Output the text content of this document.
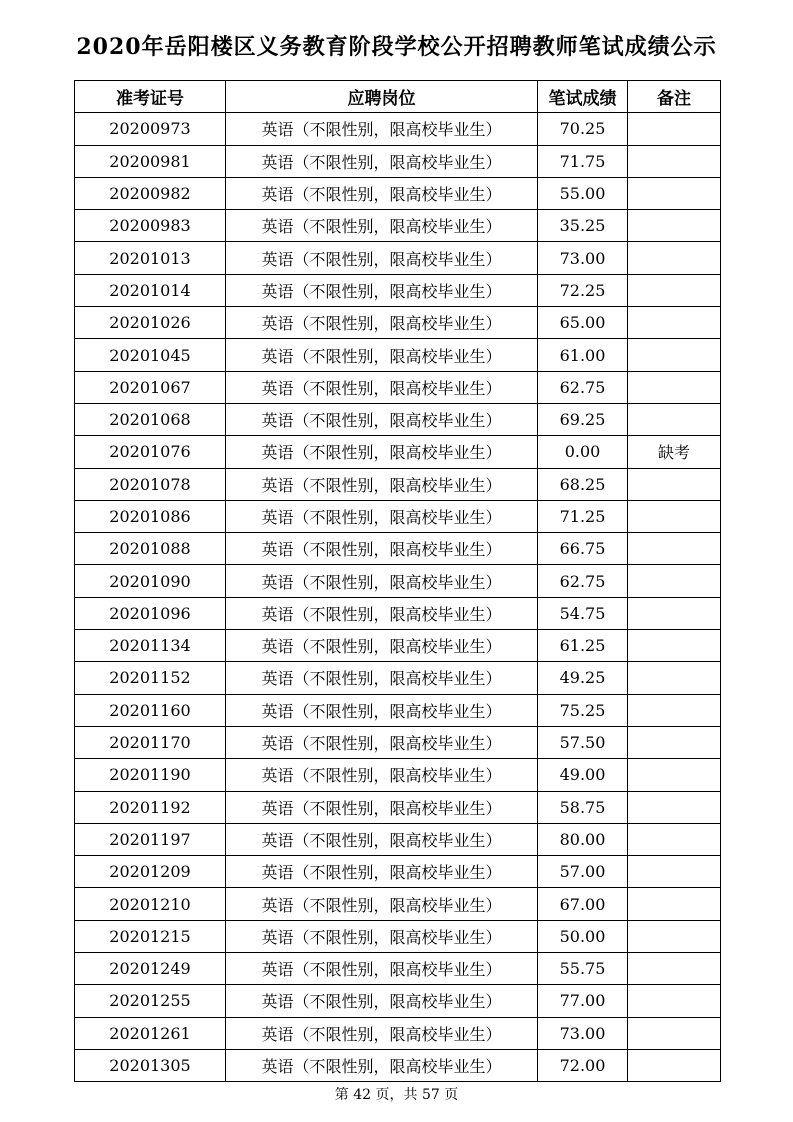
2020年岳阳楼区义务教育阶段学校公开招聘教师笔试成绩公示
准考证号	应聘岗位	笔试成绩	备注
20200973	英语（不限性别，限高校毕业生）	70.25	
20200981	英语（不限性别，限高校毕业生）	71.75	
20200982	英语（不限性别，限高校毕业生）	55.00	
20200983	英语（不限性别，限高校毕业生）	35.25	
20201013	英语（不限性别，限高校毕业生）	73.00	
20201014	英语（不限性别，限高校毕业生）	72.25	
20201026	英语（不限性别，限高校毕业生）	65.00	
20201045	英语（不限性别，限高校毕业生）	61.00	
20201067	英语（不限性别，限高校毕业生）	62.75	
20201068	英语（不限性别，限高校毕业生）	69.25	
20201076	英语（不限性别，限高校毕业生）	0.00	缺考
20201078	英语（不限性别，限高校毕业生）	68.25	
20201086	英语（不限性别，限高校毕业生）	71.25	
20201088	英语（不限性别，限高校毕业生）	66.75	
20201090	英语（不限性别，限高校毕业生）	62.75	
20201096	英语（不限性别，限高校毕业生）	54.75	
20201134	英语（不限性别，限高校毕业生）	61.25	
20201152	英语（不限性别，限高校毕业生）	49.25	
20201160	英语（不限性别，限高校毕业生）	75.25	
20201170	英语（不限性别，限高校毕业生）	57.50	
20201190	英语（不限性别，限高校毕业生）	49.00	
20201192	英语（不限性别，限高校毕业生）	58.75	
20201197	英语（不限性别，限高校毕业生）	80.00	
20201209	英语（不限性别，限高校毕业生）	57.00	
20201210	英语（不限性别，限高校毕业生）	67.00	
20201215	英语（不限性别，限高校毕业生）	50.00	
20201249	英语（不限性别，限高校毕业生）	55.75	
20201255	英语（不限性别，限高校毕业生）	77.00	
20201261	英语（不限性别，限高校毕业生）	73.00	
20201305	英语（不限性别，限高校毕业生）	72.00	
第 42 页，共 57 页
